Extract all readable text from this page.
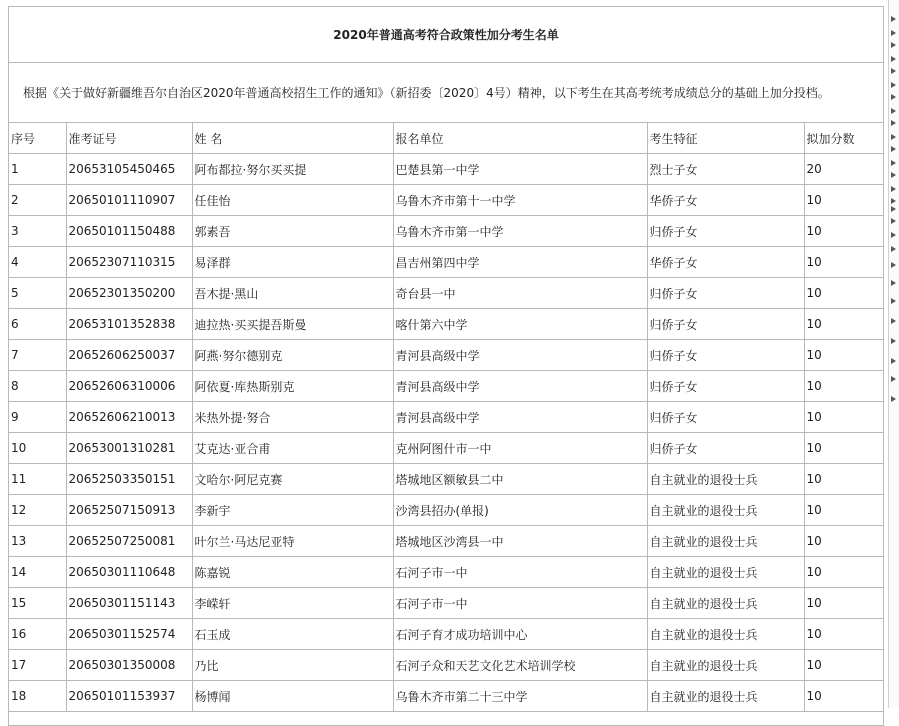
2020年普通高考符合政策性加分考生名单
根据《关于做好新疆维吾尔自治区2020年普通高校招生工作的通知》（新招委〔2020〕4号）精神，以下考生在其高考统考成绩总分的基础上加分投档。
序号	准考证号	姓 名	报名单位	考生特征	拟加分数
1	20653105450465	阿布都拉·努尔买买提	巴楚县第一中学	烈士子女	20
2	20650101110907	任佳怡	乌鲁木齐市第十一中学	华侨子女	10
3	20650101150488	郭素吾	乌鲁木齐市第一中学	归侨子女	10
4	20652307110315	易泽群	昌吉州第四中学	华侨子女	10
5	20652301350200	吾木提·黑山	奇台县一中	归侨子女	10
6	20653101352838	迪拉热·买买提吾斯曼	喀什第六中学	归侨子女	10
7	20652606250037	阿燕·努尔德别克	青河县高级中学	归侨子女	10
8	20652606310006	阿依夏·库热斯别克	青河县高级中学	归侨子女	10
9	20652606210013	米热外提·努合	青河县高级中学	归侨子女	10
10	20653001310281	艾克达·亚合甫	克州阿图什市一中	归侨子女	10
11	20652503350151	文哈尔·阿尼克赛	塔城地区额敏县二中	自主就业的退役士兵	10
12	20652507150913	李新宇	沙湾县招办(单报)	自主就业的退役士兵	10
13	20652507250081	叶尔兰·马达尼亚特	塔城地区沙湾县一中	自主就业的退役士兵	10
14	20650301110648	陈嘉锐	石河子市一中	自主就业的退役士兵	10
15	20650301151143	李嵘轩	石河子市一中	自主就业的退役士兵	10
16	20650301152574	石玉成	石河子育才成功培训中心	自主就业的退役士兵	10
17	20650301350008	乃比	石河子众和天艺文化艺术培训学校	自主就业的退役士兵	10
18	20650101153937	杨博闻	乌鲁木齐市第二十三中学	自主就业的退役士兵	10
